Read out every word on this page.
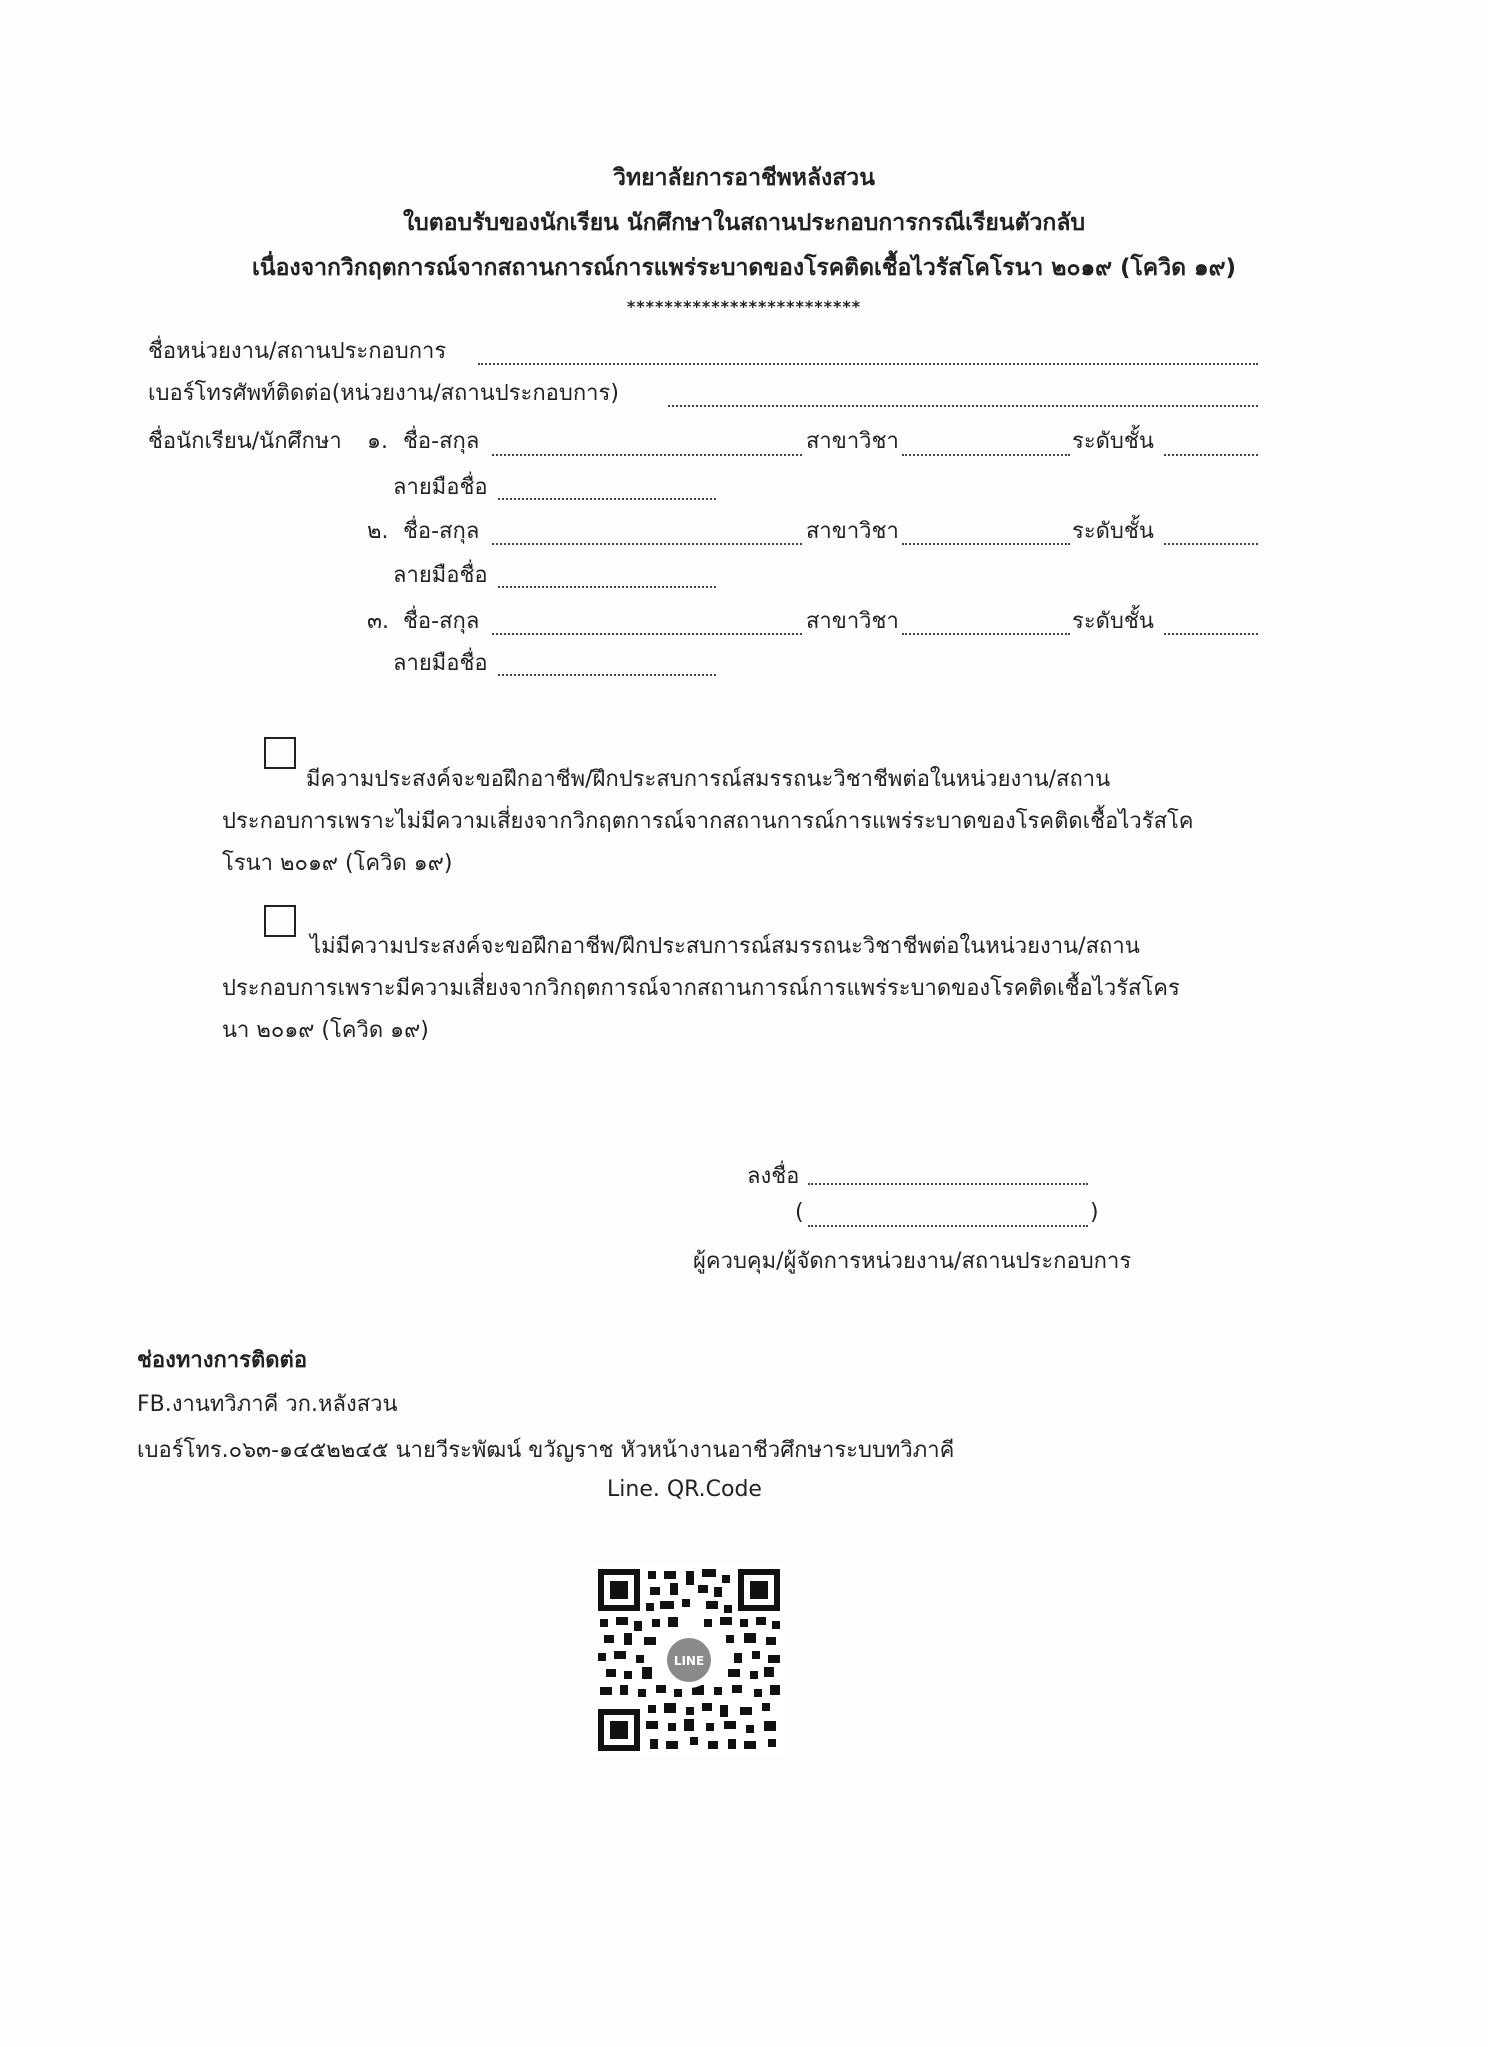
วิทยาลัยการอาชีพหลังสวน
ใบตอบรับของนักเรียน นักศึกษาในสถานประกอบการกรณีเรียนตัวกลับ
เนื่องจากวิกฤตการณ์จากสถานการณ์การแพร่ระบาดของโรคติดเชื้อไวรัสโคโรนา ๒๐๑๙ (โควิด ๑๙)
*************************
ชื่อหน่วยงาน/สถานประกอบการ
เบอร์โทรศัพท์ติดต่อ(หน่วยงาน/สถานประกอบการ)
ชื่อนักเรียน/นักศึกษา ๑. ชื่อ-สกุล	สาขาวิชา	ระดับชั้น
ลายมือชื่อ
๒. ชื่อ-สกุล	สาขาวิชา	ระดับชั้น
ลายมือชื่อ
๓. ชื่อ-สกุล	สาขาวิชา	ระดับชั้น
ลายมือชื่อ
มีความประสงค์จะขอฝึกอาชีพ/ฝึกประสบการณ์สมรรถนะวิชาชีพต่อในหน่วยงาน/สถาน
ประกอบการเพราะไม่มีความเสี่ยงจากวิกฤตการณ์จากสถานการณ์การแพร่ระบาดของโรคติดเชื้อไวรัสโค
โรนา ๒๐๑๙ (โควิด ๑๙)
ไม่มีความประสงค์จะขอฝึกอาชีพ/ฝึกประสบการณ์สมรรถนะวิชาชีพต่อในหน่วยงาน/สถาน
ประกอบการเพราะมีความเสี่ยงจากวิกฤตการณ์จากสถานการณ์การแพร่ระบาดของโรคติดเชื้อไวรัสโคร
นา ๒๐๑๙ (โควิด ๑๙)
ลงชื่อ
(	)
ผู้ควบคุม/ผู้จัดการหน่วยงาน/สถานประกอบการ
ช่องทางการติดต่อ
FB.งานทวิภาคี วก.หลังสวน
เบอร์โทร.๐๖๓-๑๔๕๒๒๔๕ นายวีระพัฒน์ ขวัญราช หัวหน้างานอาชีวศึกษาระบบทวิภาคี
Line. QR.Code
LINE
